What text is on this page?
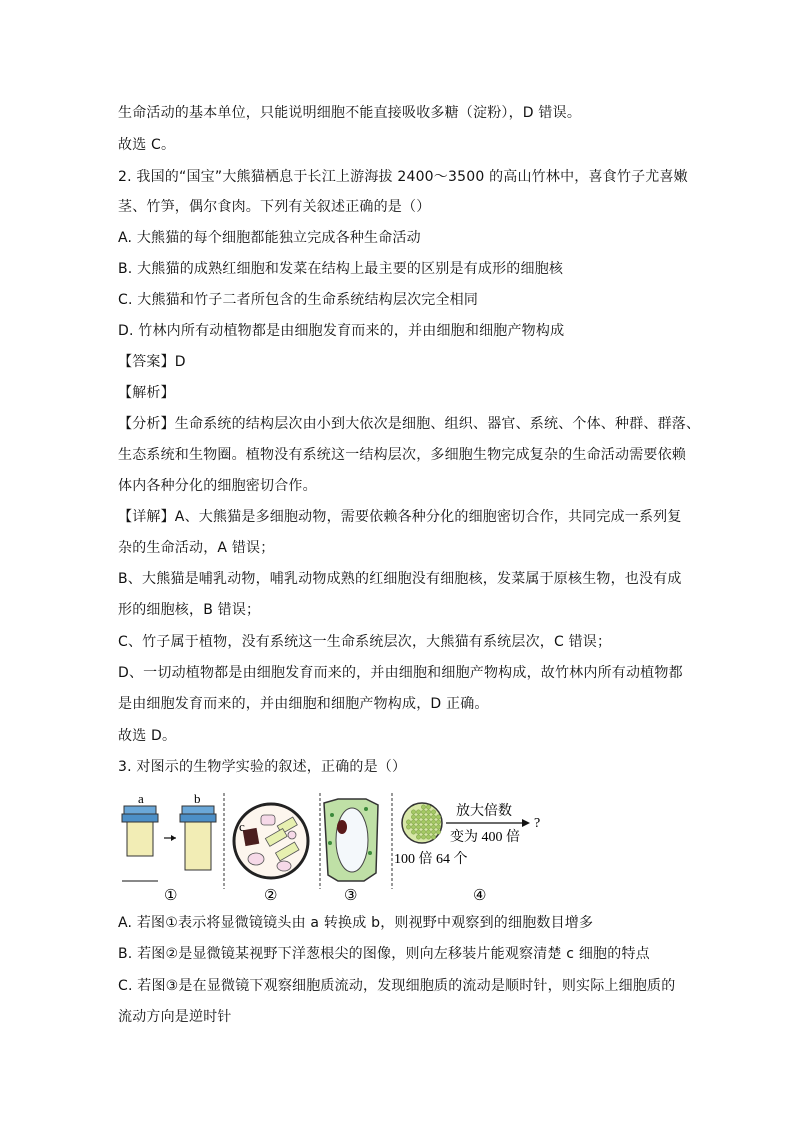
生命活动的基本单位，只能说明细胞不能直接吸收多糖（淀粉），D 错误。
故选 C。
2. 我国的“国宝”大熊猫栖息于长江上游海拔 2400～3500 的高山竹林中，喜食竹子尤喜嫩
茎、竹笋，偶尔食肉。下列有关叙述正确的是（）
A. 大熊猫的每个细胞都能独立完成各种生命活动
B. 大熊猫的成熟红细胞和发菜在结构上最主要的区别是有成形的细胞核
C. 大熊猫和竹子二者所包含的生命系统结构层次完全相同
D. 竹林内所有动植物都是由细胞发育而来的，并由细胞和细胞产物构成
【答案】D
【解析】
【分析】生命系统的结构层次由小到大依次是细胞、组织、器官、系统、个体、种群、群落、
生态系统和生物圈。植物没有系统这一结构层次，多细胞生物完成复杂的生命活动需要依赖
体内各种分化的细胞密切合作。
【详解】A、大熊猫是多细胞动物，需要依赖各种分化的细胞密切合作，共同完成一系列复
杂的生命活动，A 错误；
B、大熊猫是哺乳动物，哺乳动物成熟的红细胞没有细胞核，发菜属于原核生物，也没有成
形的细胞核，B 错误；
C、竹子属于植物，没有系统这一生命系统层次，大熊猫有系统层次，C 错误；
D、一切动植物都是由细胞发育而来的，并由细胞和细胞产物构成，故竹林内所有动植物都
是由细胞发育而来的，并由细胞和细胞产物构成，D 正确。
故选 D。
3. 对图示的生物学实验的叙述，正确的是（）
a	b
①
c
②	③
放大倍数
变为 400 倍
?
100 倍 64 个
④
A. 若图①表示将显微镜镜头由 a 转换成 b，则视野中观察到的细胞数目增多
B. 若图②是显微镜某视野下洋葱根尖的图像，则向左移装片能观察清楚 c 细胞的特点
C. 若图③是在显微镜下观察细胞质流动，发现细胞质的流动是顺时针，则实际上细胞质的
流动方向是逆时针
